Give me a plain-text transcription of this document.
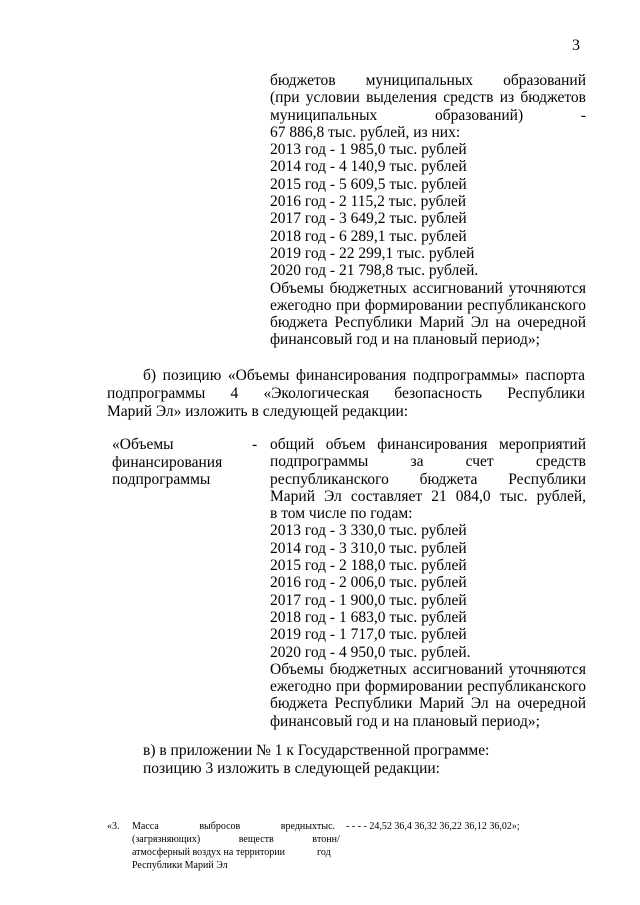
3
бюджетов муниципальных образований
(при условии выделения средств из бюджетов
муниципальных образований) -
67 886,8 тыс. рублей, из них:
2013 год - 1 985,0 тыс. рублей
2014 год - 4 140,9 тыс. рублей
2015 год - 5 609,5 тыс. рублей
2016 год - 2 115,2 тыс. рублей
2017 год - 3 649,2 тыс. рублей
2018 год - 6 289,1 тыс. рублей
2019 год - 22 299,1 тыс. рублей
2020 год - 21 798,8 тыс. рублей.
Объемы бюджетных ассигнований уточняются
ежегодно при формировании республиканского
бюджета Республики Марий Эл на очередной
финансовый год и на плановый период»;
б) позицию «Объемы финансирования подпрограммы» паспорта
подпрограммы 4 «Экологическая безопасность Республики
Марий Эл» изложить в следующей редакции:
«Объемы
финансирования
подпрограммы
- общий объем финансирования мероприятий
подпрограммы за счет средств
республиканского бюджета Республики
Марий Эл составляет 21 084,0 тыс. рублей,
в том числе по годам:
2013 год - 3 330,0 тыс. рублей
2014 год - 3 310,0 тыс. рублей
2015 год - 2 188,0 тыс. рублей
2016 год - 2 006,0 тыс. рублей
2017 год - 1 900,0 тыс. рублей
2018 год - 1 683,0 тыс. рублей
2019 год - 1 717,0 тыс. рублей
2020 год - 4 950,0 тыс. рублей.
Объемы бюджетных ассигнований уточняются
ежегодно при формировании республиканского
бюджета Республики Марий Эл на очередной
финансовый год и на плановый период»;
в) в приложении № 1 к Государственной программе:
позицию 3 изложить в следующей редакции:
«3. Масса выбросов вредных
(загрязняющих) веществ в
атмосферный воздух на территории
Республики Марий Эл
тыс.
тонн/
год
- - - - 24,52 36,4 36,32 36,22 36,12 36,02»;
